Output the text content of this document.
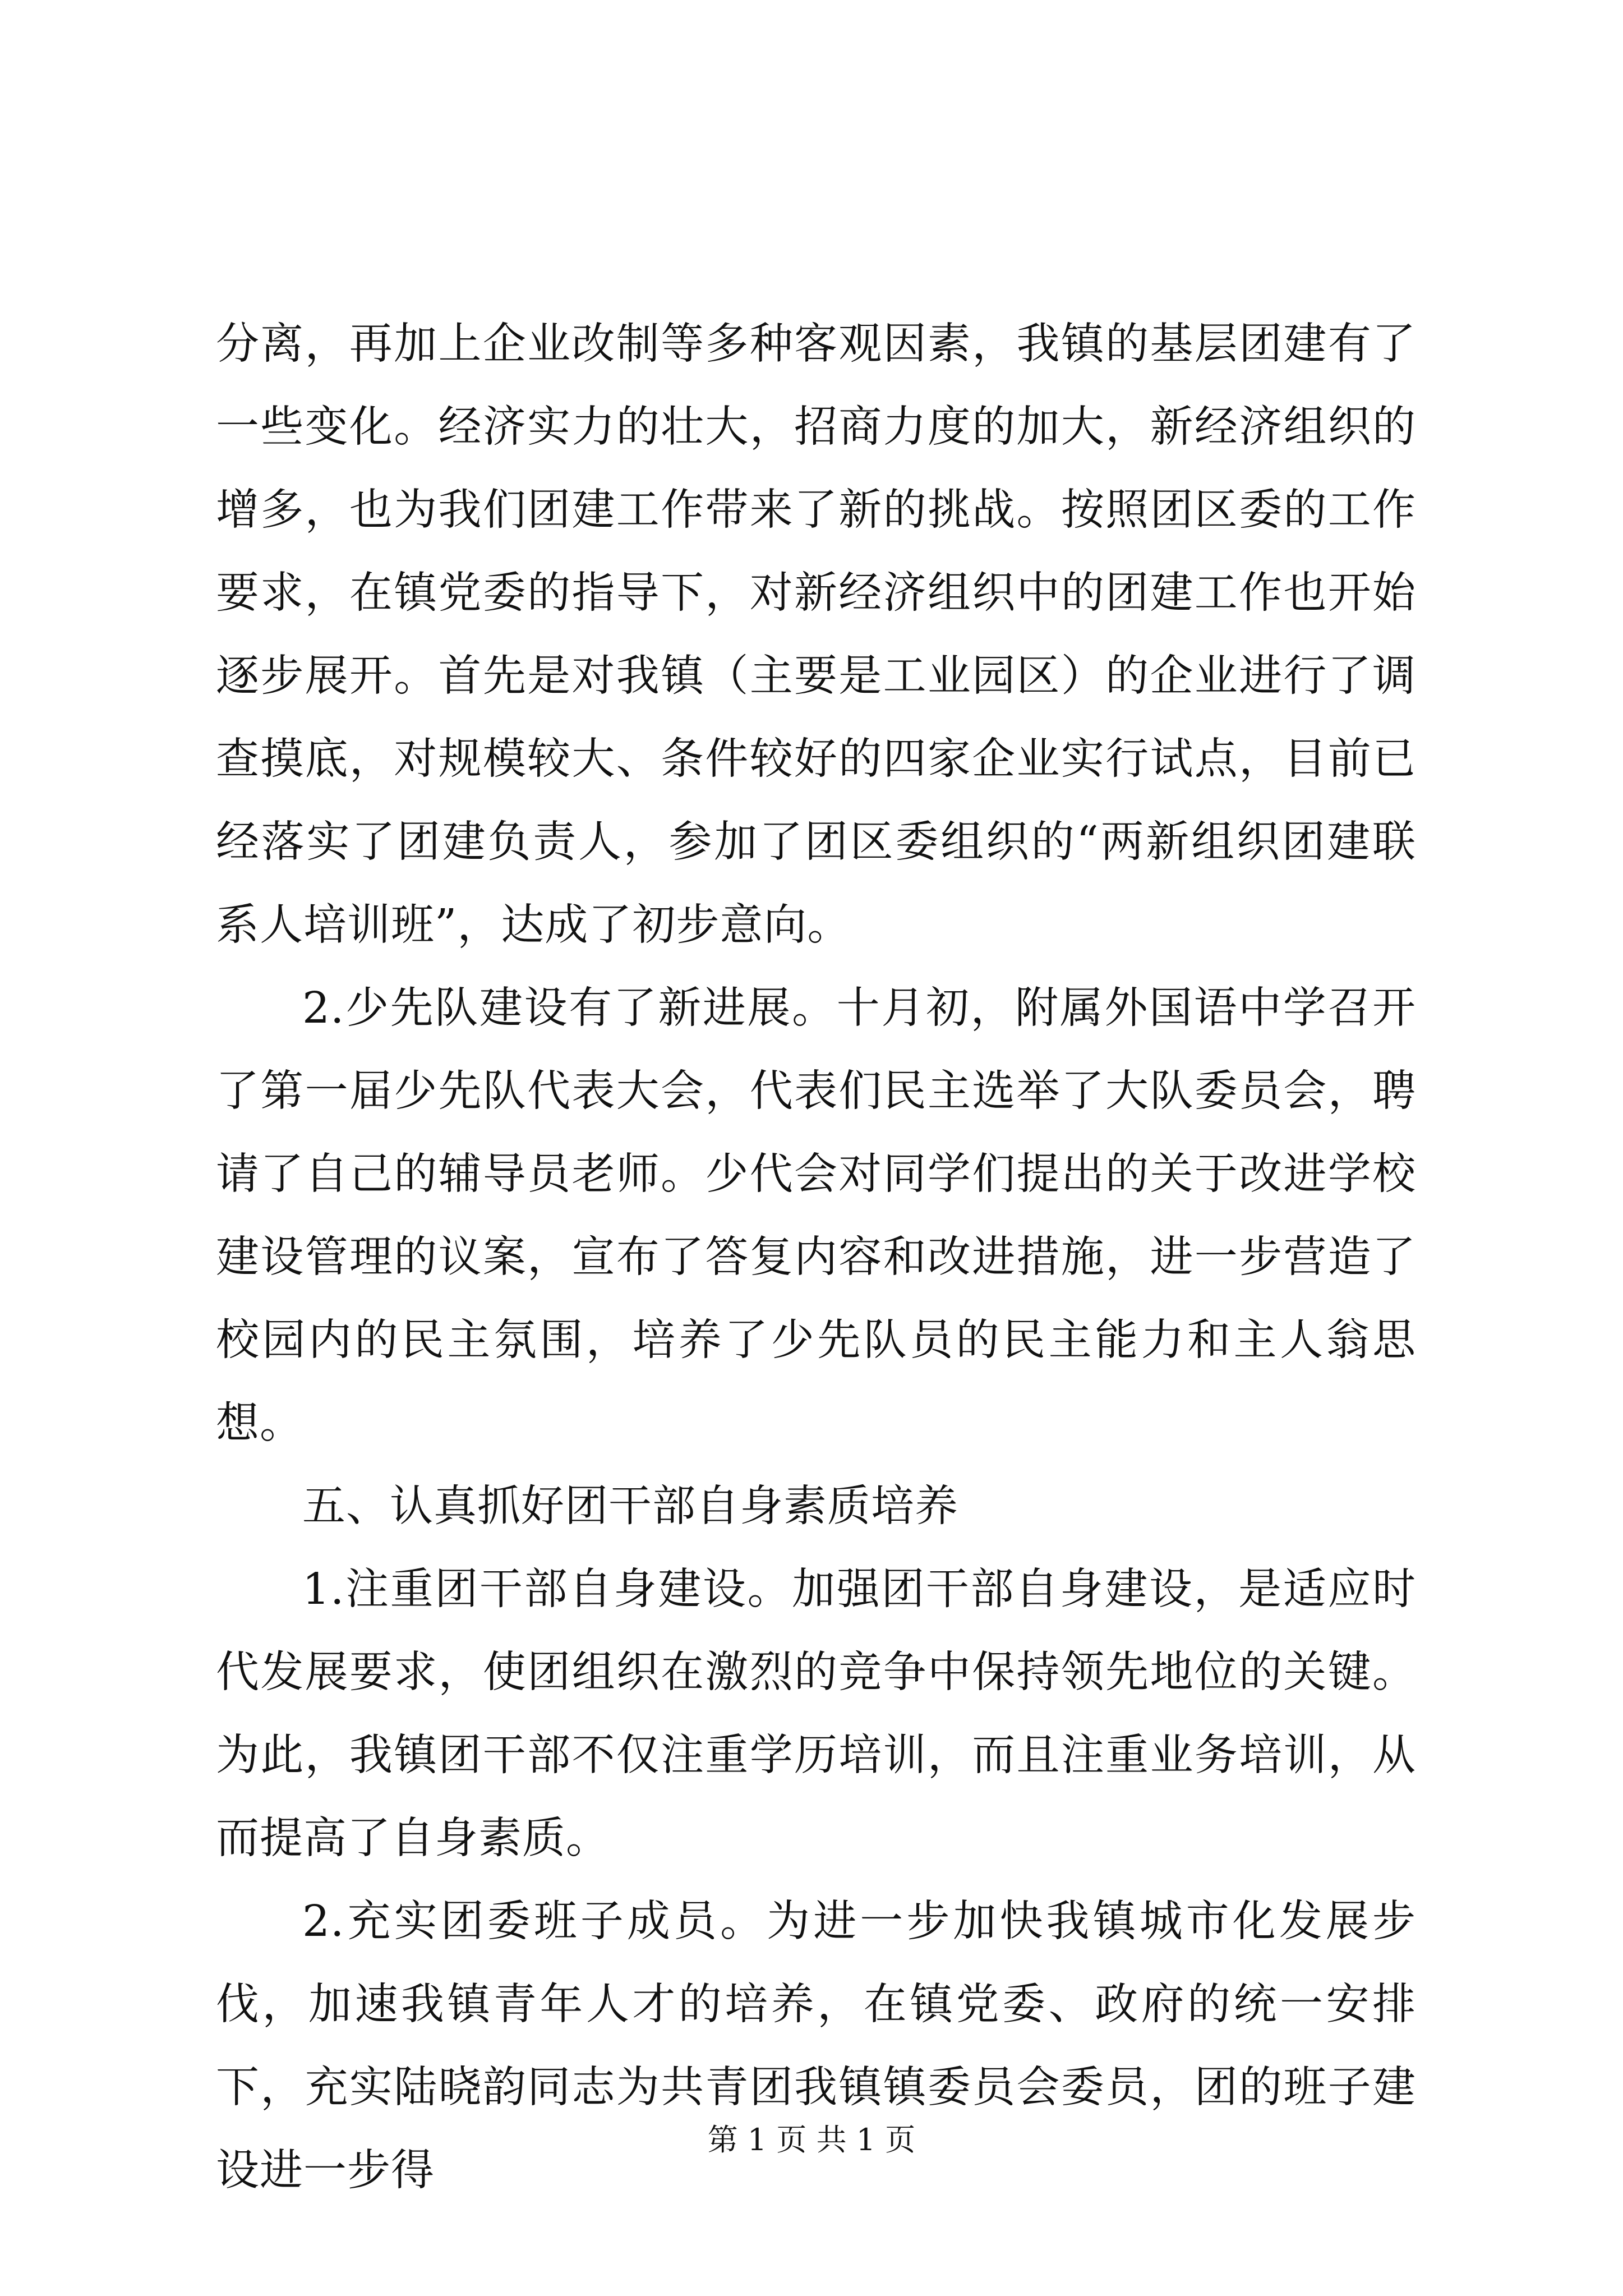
分离，再加上企业改制等多种客观因素，我镇的基层团建有了一些变化。经济实力的壮大，招商力度的加大，新经济组织的增多，也为我们团建工作带来了新的挑战。按照团区委的工作要求，在镇党委的指导下，对新经济组织中的团建工作也开始逐步展开。首先是对我镇（主要是工业园区）的企业进行了调查摸底，对规模较大、条件较好的四家企业实行试点，目前已经落实了团建负责人，参加了团区委组织的“两新组织团建联系人培训班”，达成了初步意向。

2.少先队建设有了新进展。十月初，附属外国语中学召开了第一届少先队代表大会，代表们民主选举了大队委员会，聘请了自己的辅导员老师。少代会对同学们提出的关于改进学校建设管理的议案，宣布了答复内容和改进措施，进一步营造了校园内的民主氛围，培养了少先队员的民主能力和主人翁思想。

五、认真抓好团干部自身素质培养

1.注重团干部自身建设。加强团干部自身建设，是适应时代发展要求，使团组织在激烈的竞争中保持领先地位的关键。为此，我镇团干部不仅注重学历培训，而且注重业务培训，从而提高了自身素质。

2.充实团委班子成员。为进一步加快我镇城市化发展步伐，加速我镇青年人才的培养，在镇党委、政府的统一安排下，充实陆晓韵同志为共青团我镇镇委员会委员，团的班子建设进一步得

第 1 页 共 1 页
